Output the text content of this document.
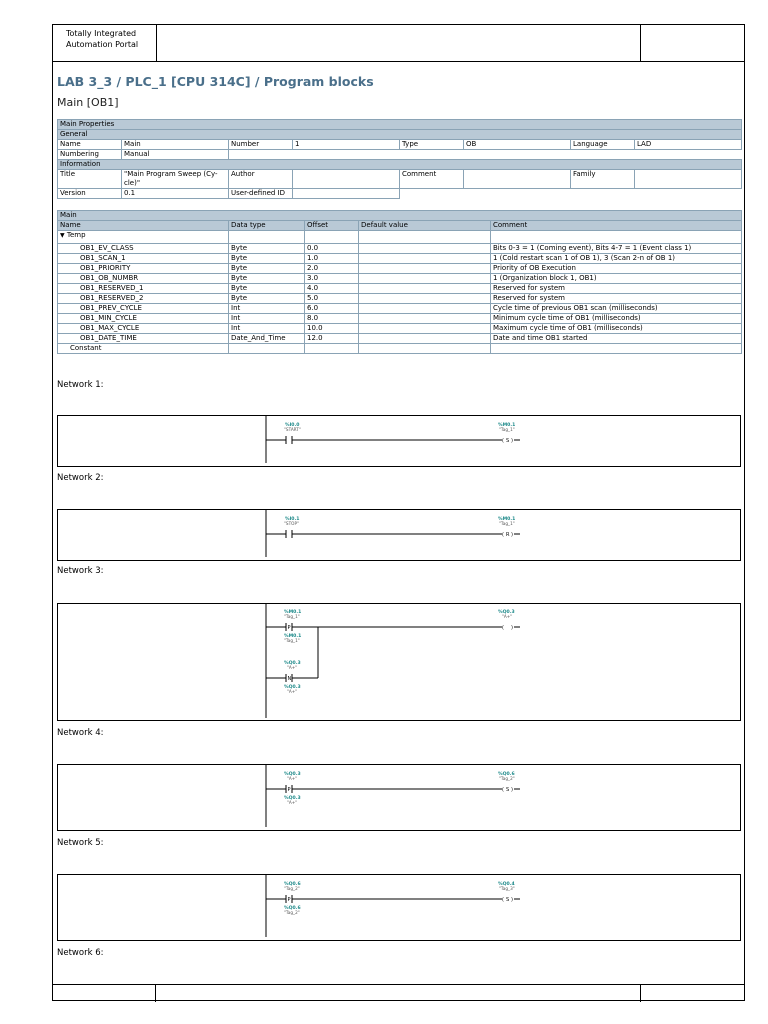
Totally Integrated
Automation Portal
LAB 3_3 / PLC_1 [CPU 314C] / Program blocks
Main [OB1]
Main Properties							
General							
Name	Main	Number	1	Type	OB	Language	LAD
Numbering	Manual						
Information							
Title	"Main Program Sweep (Cy-
cle)"	Author		Comment		Family	
Version	0.1	User-defined ID					
Main				
Name	Data type	Offset	Default value	Comment
▼ Temp				
OB1_EV_CLASS	Byte	0.0		Bits 0-3 = 1 (Coming event), Bits 4-7 = 1 (Event class 1)
OB1_SCAN_1	Byte	1.0		1 (Cold restart scan 1 of OB 1), 3 (Scan 2-n of OB 1)
OB1_PRIORITY	Byte	2.0		Priority of OB Execution
OB1_OB_NUMBR	Byte	3.0		1 (Organization block 1, OB1)
OB1_RESERVED_1	Byte	4.0		Reserved for system
OB1_RESERVED_2	Byte	5.0		Reserved for system
OB1_PREV_CYCLE	Int	6.0		Cycle time of previous OB1 scan (milliseconds)
OB1_MIN_CYCLE	Int	8.0		Minimum cycle time of OB1 (milliseconds)
OB1_MAX_CYCLE	Int	10.0		Maximum cycle time of OB1 (milliseconds)
OB1_DATE_TIME	Date_And_Time	12.0		Date and time OB1 started
Constant				
Network 1:
( S )
%I0.0
"START"
%M0.1
"Tag_1"
Network 2:
( R )
%I0.1
"STOP"
%M0.1
"Tag_1"
Network 3:
P	( )
%M0.1
"Tag_1"
%M0.1
"Tag_1"
N
%Q0.3
"A+"
%Q0.3
"A+"
%Q0.3
"A+"
Network 4:
P	( S )
%Q0.3
"A+"
%Q0.3
"A+"
%Q0.6
"Tag_2"
Network 5:
P	( S )
%Q0.6
"Tag_2"
%Q0.6
"Tag_2"
%Q0.4
"Tag_3"
Network 6:
